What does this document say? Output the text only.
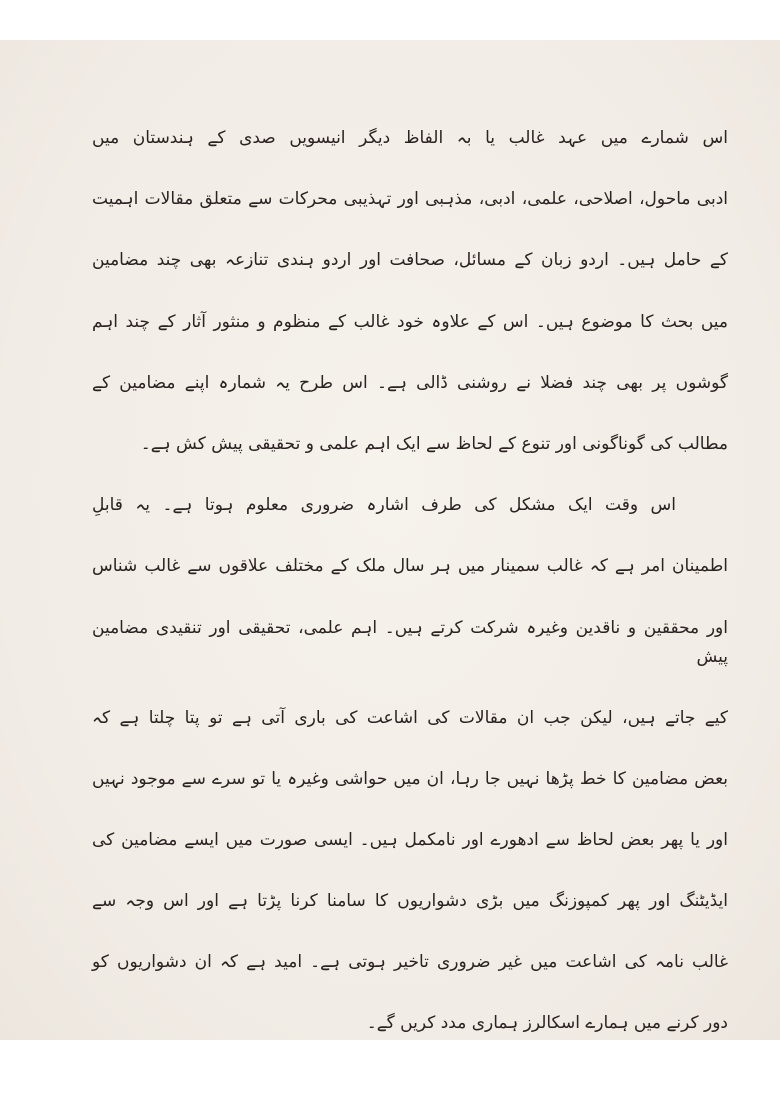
اس شمارے میں عہد غالب یا بہ الفاظ دیگر انیسویں صدی کے ہندستان میں
ادبی ماحول، اصلاحی، علمی، ادبی، مذہبی اور تہذیبی محرکات سے متعلق مقالات اہمیت
کے حامل ہیں۔ اردو زبان کے مسائل، صحافت اور اردو ہندی تنازعہ بھی چند مضامین
میں بحث کا موضوع ہیں۔ اس کے علاوہ خود غالب کے منظوم و منثور آثار کے چند اہم
گوشوں پر بھی چند فضلا نے روشنی ڈالی ہے۔ اس طرح یہ شمارہ اپنے مضامین کے
مطالب کی گوناگونی اور تنوع کے لحاظ سے ایک اہم علمی و تحقیقی پیش کش ہے۔
اس وقت ایک مشکل کی طرف اشارہ ضروری معلوم ہوتا ہے۔ یہ قابلِ
اطمینان امر ہے کہ غالب سمینار میں ہر سال ملک کے مختلف علاقوں سے غالب شناس
اور محققین و ناقدین وغیرہ شرکت کرتے ہیں۔ اہم علمی، تحقیقی اور تنقیدی مضامین پیش
کیے جاتے ہیں، لیکن جب ان مقالات کی اشاعت کی باری آتی ہے تو پتا چلتا ہے کہ
بعض مضامین کا خط پڑھا نہیں جا رہا، ان میں حواشی وغیرہ یا تو سرے سے موجود نہیں
اور یا پھر بعض لحاظ سے ادھورے اور نامکمل ہیں۔ ایسی صورت میں ایسے مضامین کی
ایڈیٹنگ اور پھر کمپوزنگ میں بڑی دشواریوں کا سامنا کرنا پڑتا ہے اور اس وجہ سے
غالب نامہ کی اشاعت میں غیر ضروری تاخیر ہوتی ہے۔ امید ہے کہ ان دشواریوں کو
دور کرنے میں ہمارے اسکالرز ہماری مدد کریں گے۔
